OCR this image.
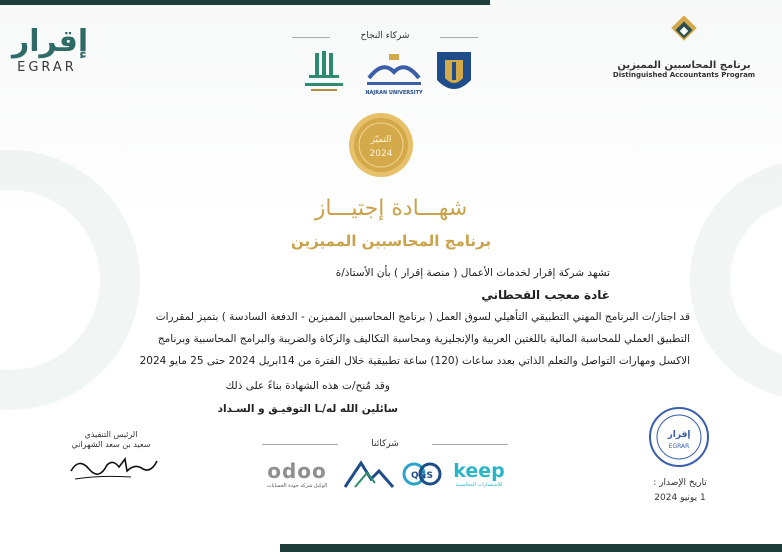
إقرار
EGRAR	برنامج المحاسبين المميزين
Distinguished Accountants Program
شركاء النجاح
NAJRAN UNIVERSITY
التميّز
2024
شهـــادة إجتيـــاز
برنامج المحاسبين المميزين
تشهد شركة إقرار لخدمات الأعمال ( منصة إقرار ) بأن الأستاذ/ة
غادة معجب القحطاني
قد اجتاز/ت البرنامج المهني التطبيقي التأهيلي لسوق العمل ( برنامج المحاسبين المميزين - الدفعة السادسة ) بتميز لمقررات
التطبيق العملي للمحاسبة المالية باللغتين العربية والإنجليزية ومحاسبة التكاليف والزكاة والضريبة والبرامج المحاسبية وبرنامج
الاكسل ومهارات التواصل والتعلم الذاتي بعدد ساعات (120) ساعة تطبيقية خلال الفترة من 14ابريل 2024 حتى 25 مايو 2024
وقد مُنح/ت هذه الشهادة بناءً على ذلك
سائلين الله له/ـا التوفيـق و السـداد
شركائنا
odoo
الوكيل شركة جودة الحسابات
Q&S keep
للاستشارات المحاسبية
الرئيس التنفيذي
سعيد بن سعد الشهراني
إقرار
EGRAR
تاريخ الإصدار :
1 يونيو 2024
